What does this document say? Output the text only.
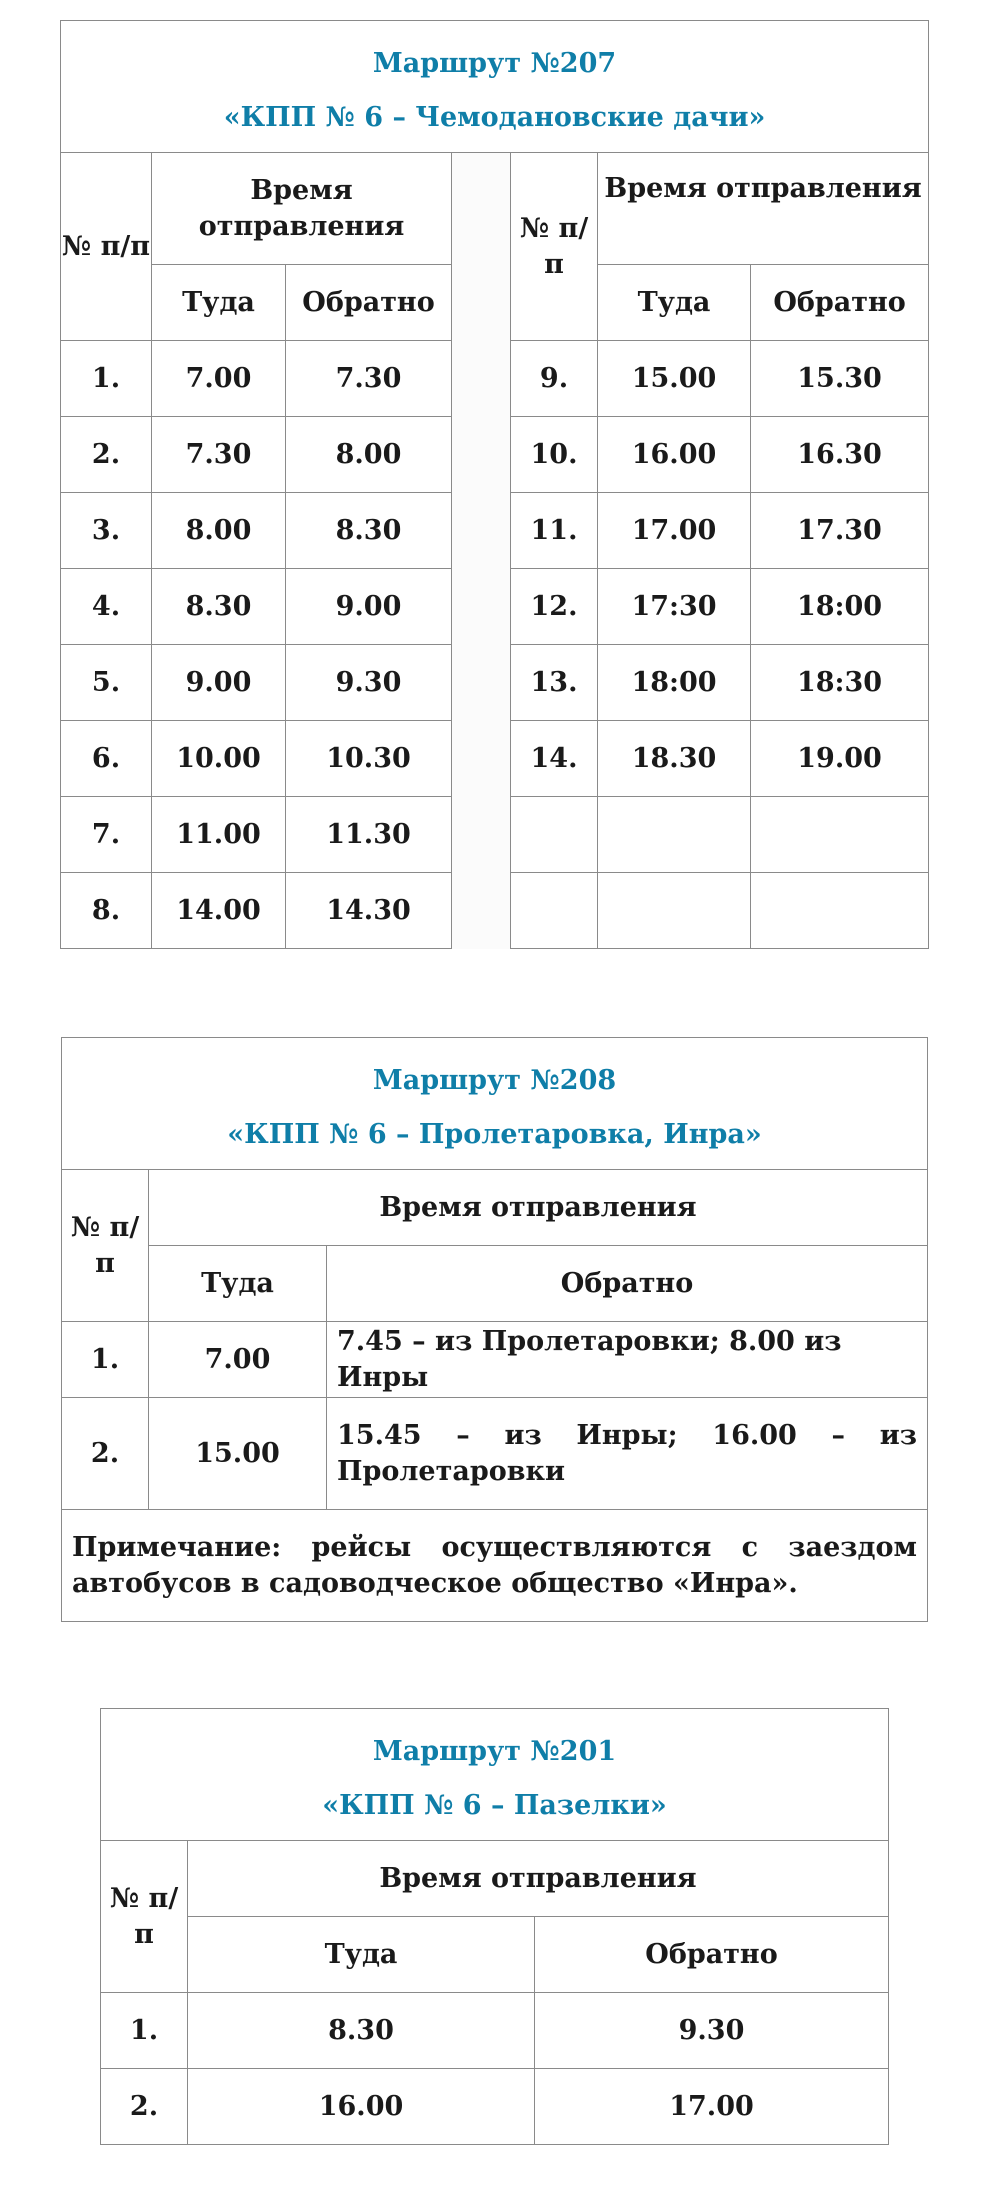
Маршрут №207
«КПП № 6 – Чемодановские дачи»						

№ п/п	Время отправления			№ п/п	Время отправления	
	Туда	Обратно			Туда	Обратно
1.	7.00	7.30		9.	15.00	15.30
2.	7.30	8.00		10.	16.00	16.30
3.	8.00	8.30		11.	17.00	17.30
4.	8.30	9.00		12.	17:30	18:00
5.	9.00	9.30		13.	18:00	18:30
6.	10.00	10.30		14.	18.30	19.00
7.	11.00	11.30				
8.	14.00	14.30				
Маршрут №208
«КПП № 6 – Пролетаровка, Инра»		

№ п/п	Время отправления	
	Туда	Обратно
1.	7.00	7.45 – из Пролетаровки; 8.00 из Инры
2.	15.00	15.45 – из Инры; 16.00 – из Пролетаровки
Примечание: рейсы осуществляются с заездом автобусов в садоводческое общество «Инра».		
Маршрут №201
«КПП № 6 – Пазелки»		

№ п/п	Время отправления	
	Туда	Обратно
1.	8.30	9.30
2.	16.00	17.00
